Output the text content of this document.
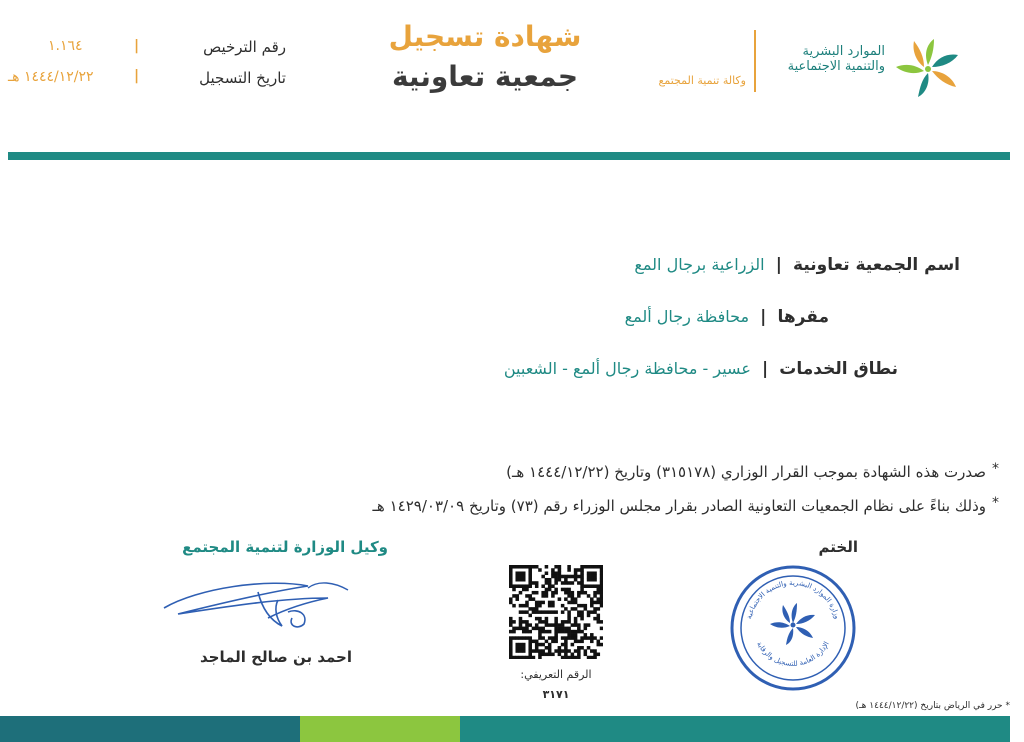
رقم الترخيص
|
١.١٦٤
تاريخ التسجيل
|
١٤٤٤/١٢/٢٢ هـ
شهادة تسجيل
جمعية تعاونية	وكالة تنمية المجتمع
الموارد البشرية
والتنمية الاجتماعية
اسم الجمعية تعاونية | الزراعية برجال المع
مقرها | محافظة رجال ألمع
نطاق الخدمات | عسير - محافظة رجال ألمع - الشعبين
*
صدرت هذه الشهادة بموجب القرار الوزاري (٣١٥١٧٨) وتاريخ (١٤٤٤/١٢/٢٢ هـ)
*
وذلك بناءً على نظام الجمعيات التعاونية الصادر بقرار مجلس الوزراء رقم (٧٣) وتاريخ ١٤٢٩/٠٣/٠٩ هـ
وكيل الوزارة لتنمية المجتمع
احمد بن صالح الماجد
الرقم التعريفي:
٣١٧١
الختم
وزارة الموارد البشرية والتنمية الاجتماعية
الإدارة العامة للتسجيل والرقابة
* حرر في الرياض بتاريخ (١٤٤٤/١٢/٢٢ هـ)
